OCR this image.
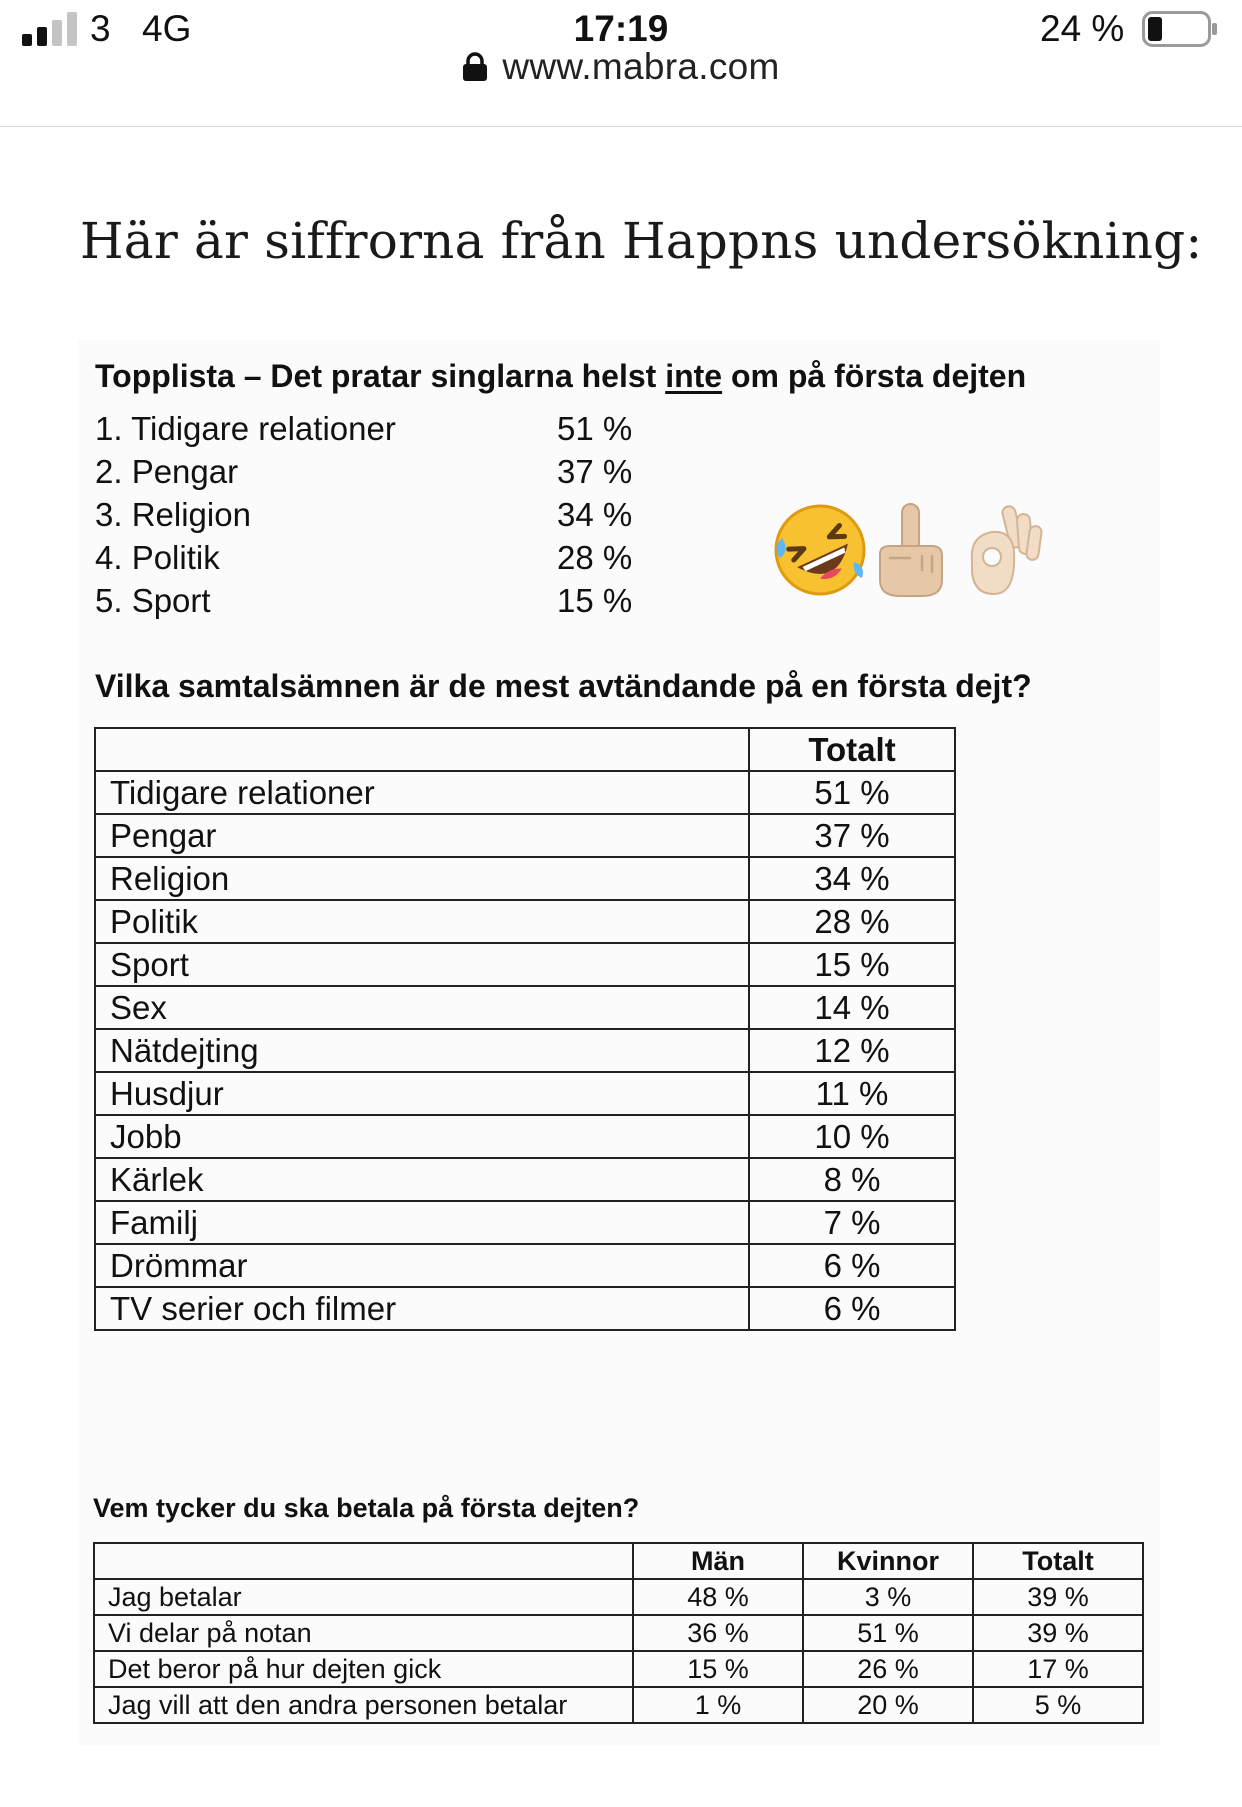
3 4G	17:19	24 %
www.mabra.com
Här är siffrorna från Happns undersökning:
Topplista – Det pratar singlarna helst inte om på första dejten
1. Tidigare relationer	51 %
2. Pengar	37 %
3. Religion	34 %
4. Politik	28 %
5. Sport	15 %
Vilka samtalsämnen är de mest avtändande på en första dejt?
	Totalt
Tidigare relationer	51 %
Pengar	37 %
Religion	34 %
Politik	28 %
Sport	15 %
Sex	14 %
Nätdejting	12 %
Husdjur	11 %
Jobb	10 %
Kärlek	8 %
Familj	7 %
Drömmar	6 %
TV serier och filmer	6 %
Vem tycker du ska betala på första dejten?
	Män	Kvinnor	Totalt
Jag betalar	48 %	3 %	39 %
Vi delar på notan	36 %	51 %	39 %
Det beror på hur dejten gick	15 %	26 %	17 %
Jag vill att den andra personen betalar	1 %	20 %	5 %
